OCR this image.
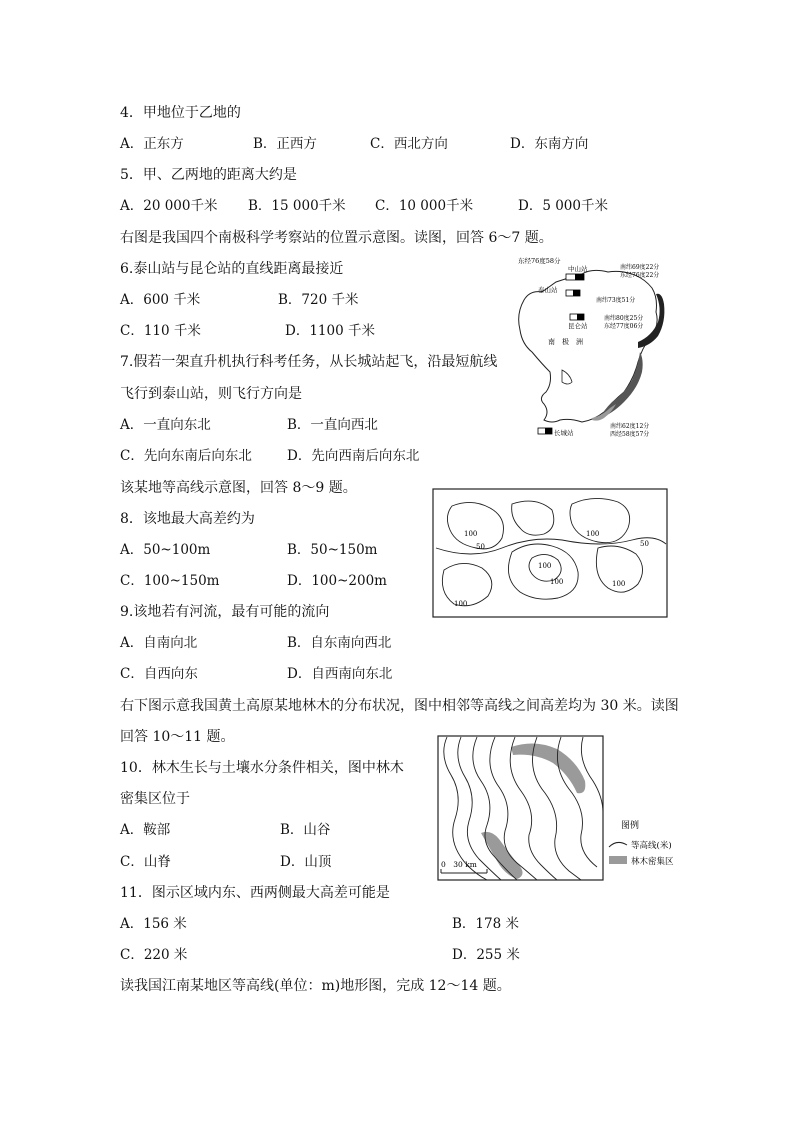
4．甲地位于乙地的
A．正东方	B．正西方	C．西北方向	D．东南方向
5．甲、乙两地的距离大约是
A．20 000千米 B．15 000千米 C．10 000千米	D．5 000千米
右图是我国四个南极科学考察站的位置示意图。读图，回答 6～7 题。
6.泰山站与昆仑站的直线距离最接近
A．600 千米	B．720 千米
C．110 千米	D．1100 千米
7.假若一架直升机执行科考任务，从长城站起飞，沿最短航线
飞行到泰山站，则飞行方向是
A．一直向东北	B．一直向西北
C．先向东南后向东北	D．先向西南后向东北
该某地等高线示意图，回答 8～9 题。
8．该地最大高差约为
A．50~100m	B．50~150m
C．100~150m	D．100~200m
9.该地若有河流，最有可能的流向
A．自南向北	B．自东南向西北
C．自西向东	D．自西南向东北
右下图示意我国黄土高原某地林木的分布状况，图中相邻等高线之间高差均为 30 米。读图
回答 10～11 题。
10．林木生长与土壤水分条件相关，图中林木
密集区位于
A．鞍部	B．山谷
C．山脊	D．山顶
11．图示区域内东、西两侧最大高差可能是
A．156 米	B．178 米
C．220 米	D．255 米
读我国江南某地区等高线(单位：m)地形图，完成 12～14 题。
东经76度58分
中山站	南纬69度22分
东经76度22分
泰山站
南纬73度51分
昆仑站
南纬80度25分
东经77度06分
南　极　洲
长城站
南纬62度12分
西经58度57分
100
50
100
50
100
100
100
100
0　30 km
图例
等高线(米)
林木密集区
